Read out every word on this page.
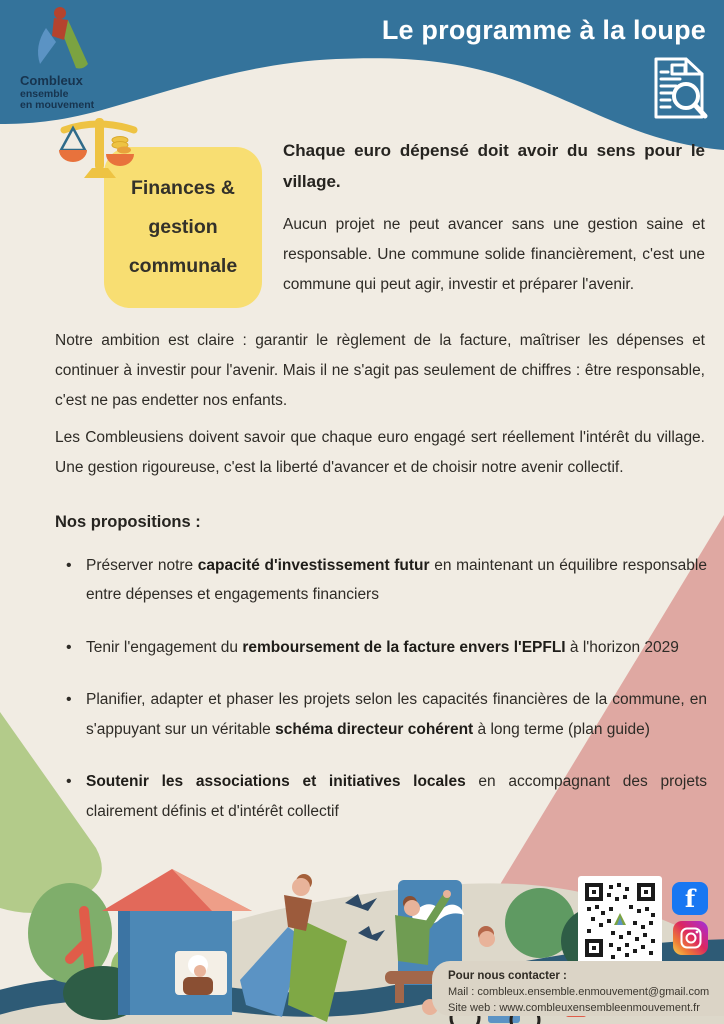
Combleux
ensemble
en mouvement
Le programme à la loupe
Finances & gestion communale
Chaque euro dépensé doit avoir du sens pour le village.
Aucun projet ne peut avancer sans une gestion saine et responsable. Une commune solide financièrement, c'est une commune qui peut agir, investir et préparer l'avenir.
Notre ambition est claire : garantir le règlement de la facture, maîtriser les dépenses et continuer à investir pour l'avenir. Mais il ne s'agit pas seulement de chiffres : être responsable, c'est ne pas endetter nos enfants.
Les Combleusiens doivent savoir que chaque euro engagé sert réellement l'intérêt du village. Une gestion rigoureuse, c'est la liberté d'avancer et de choisir notre avenir collectif.
Nos propositions :
• Préserver notre capacité d'investissement futur en maintenant un équilibre responsable entre dépenses et engagements financiers
• Tenir l'engagement du remboursement de la facture envers l'EPFLI à l'horizon 2029
• Planifier, adapter et phaser les projets selon les capacités financières de la commune, en s'appuyant sur un véritable schéma directeur cohérent à long terme (plan guide)
• Soutenir les associations et initiatives locales en accompagnant des projets clairement définis et d'intérêt collectif
f
Pour nous contacter :
Mail : combleux.ensemble.enmouvement@gmail.com
Site web : www.combleuxensembleenmouvement.fr
